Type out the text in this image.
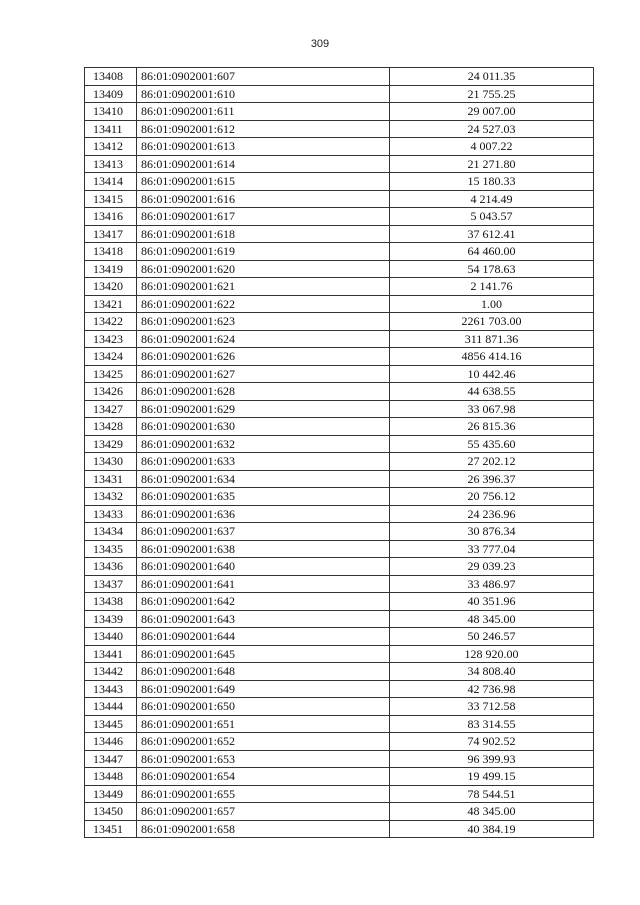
309
13408	86:01:0902001:607	24 011.35
13409	86:01:0902001:610	21 755.25
13410	86:01:0902001:611	29 007.00
13411	86:01:0902001:612	24 527.03
13412	86:01:0902001:613	4 007.22
13413	86:01:0902001:614	21 271.80
13414	86:01:0902001:615	15 180.33
13415	86:01:0902001:616	4 214.49
13416	86:01:0902001:617	5 043.57
13417	86:01:0902001:618	37 612.41
13418	86:01:0902001:619	64 460.00
13419	86:01:0902001:620	54 178.63
13420	86:01:0902001:621	2 141.76
13421	86:01:0902001:622	1.00
13422	86:01:0902001:623	2261 703.00
13423	86:01:0902001:624	311 871.36
13424	86:01:0902001:626	4856 414.16
13425	86:01:0902001:627	10 442.46
13426	86:01:0902001:628	44 638.55
13427	86:01:0902001:629	33 067.98
13428	86:01:0902001:630	26 815.36
13429	86:01:0902001:632	55 435.60
13430	86:01:0902001:633	27 202.12
13431	86:01:0902001:634	26 396.37
13432	86:01:0902001:635	20 756.12
13433	86:01:0902001:636	24 236.96
13434	86:01:0902001:637	30 876.34
13435	86:01:0902001:638	33 777.04
13436	86:01:0902001:640	29 039.23
13437	86:01:0902001:641	33 486.97
13438	86:01:0902001:642	40 351.96
13439	86:01:0902001:643	48 345.00
13440	86:01:0902001:644	50 246.57
13441	86:01:0902001:645	128 920.00
13442	86:01:0902001:648	34 808.40
13443	86:01:0902001:649	42 736.98
13444	86:01:0902001:650	33 712.58
13445	86:01:0902001:651	83 314.55
13446	86:01:0902001:652	74 902.52
13447	86:01:0902001:653	96 399.93
13448	86:01:0902001:654	19 499.15
13449	86:01:0902001:655	78 544.51
13450	86:01:0902001:657	48 345.00
13451	86:01:0902001:658	40 384.19
